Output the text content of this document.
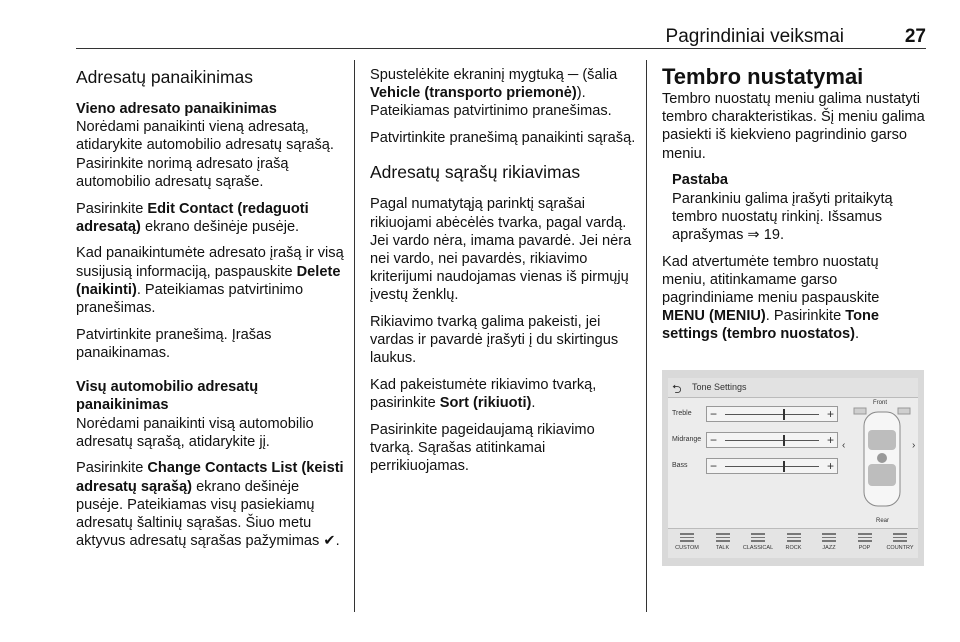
Pagrindiniai veiksmai	27
Adresatų panaikinimas
Vieno adresato panaikinimas

Norėdami panaikinti vieną adresatą, atidarykite automobilio adresatų sąrašą. Pasirinkite norimą adresato įrašą automobilio adresatų sąraše.

Pasirinkite Edit Contact (redaguoti adresatą) ekrano dešinėje pusėje.

Kad panaikintumėte adresato įrašą ir visą susijusią informaciją, paspauskite Delete (naikinti). Pateikiamas patvirtinimo pranešimas.

Patvirtinkite pranešimą. Įrašas panaikinamas.

Visų automobilio adresatų panaikinimas

Norėdami panaikinti visą automobilio adresatų sąrašą, atidarykite jį.

Pasirinkite Change Contacts List (keisti adresatų sąrašą) ekrano dešinėje pusėje. Pateikiamas visų pasiekiamų adresatų šaltinių sąrašas. Šiuo metu aktyvus adresatų sąrašas pažymimas ✔.

Spustelėkite ekraninį mygtuką ─ (šalia Vehicle (transporto priemonė)). Pateikiamas patvirtinimo pranešimas.

Patvirtinkite pranešimą panaikinti sąrašą.

Adresatų sąrašų rikiavimas

Pagal numatytąją parinktį sąrašai rikiuojami abėcėlės tvarka, pagal vardą. Jei vardo nėra, imama pavardė. Jei nėra nei vardo, nei pavardės, rikiavimo kriterijumi naudojamas vienas iš pirmųjų įvestų ženklų.

Rikiavimo tvarką galima pakeisti, jei vardas ir pavardė įrašyti į du skirtingus laukus.

Kad pakeistumėte rikiavimo tvarką, pasirinkite Sort (rikiuoti).

Pasirinkite pageidaujamą rikiavimo tvarką. Sąrašas atitinkamai perrikiuojamas.

Tembro nustatymai

Tembro nuostatų meniu galima nustatyti tembro charakteristikas. Šį meniu galima pasiekti iš kiekvieno pagrindinio garso meniu.

Pastaba

Parankiniu galima įrašyti pritaikytą tembro nuostatų rinkinį. Išsamus aprašymas ⇒ 19.

Kad atvertumėte tembro nuostatų meniu, atitinkamame garso pagrindiniame meniu paspauskite MENU (MENIU). Pasirinkite Tone settings (tembro nuostatos).

⮌ Tone Settings
Treble −	+
Midrange −	+
Bass −	+
‹	›
Front
Rear
CUSTOM	TALK	CLASSICAL	ROCK	JAZZ	POP	COUNTRY
